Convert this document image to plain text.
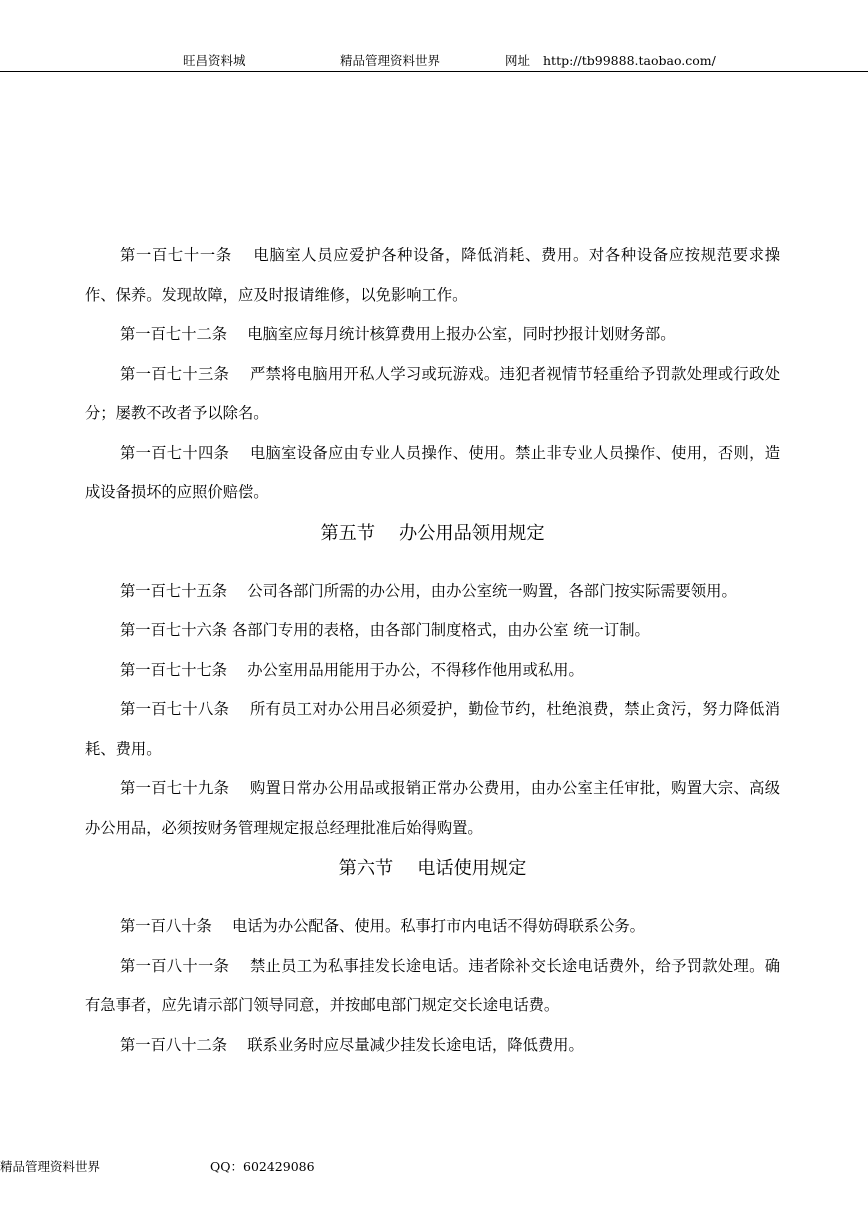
旺昌资料城	精品管理资料世界	网址 http://tb99888.taobao.com/

第一百七十一条　 电脑室人员应爱护各种设备，降低消耗、费用。对各种设备应按规范要求操作、保养。发现故障，应及时报请维修，以免影响工作。

第一百七十二条　 电脑室应每月统计核算费用上报办公室，同时抄报计划财务部。

第一百七十三条　 严禁将电脑用开私人学习或玩游戏。违犯者视情节轻重给予罚款处理或行政处分；屡教不改者予以除名。

第一百七十四条　 电脑室设备应由专业人员操作、使用。禁止非专业人员操作、使用，否则，造成设备损坏的应照价赔偿。

第五节　 办公用品领用规定

第一百七十五条　 公司各部门所需的办公用，由办公室统一购置，各部门按实际需要领用。

第一百七十六条 各部门专用的表格，由各部门制度格式，由办公室 统一订制。

第一百七十七条　 办公室用品用能用于办公，不得移作他用或私用。

第一百七十八条　 所有员工对办公用吕必须爱护，勤俭节约，杜绝浪费，禁止贪污，努力降低消耗、费用。

第一百七十九条　 购置日常办公用品或报销正常办公费用，由办公室主任审批，购置大宗、高级办公用品，必须按财务管理规定报总经理批准后始得购置。

第六节　 电话使用规定

第一百八十条　 电话为办公配备、使用。私事打市内电话不得妨碍联系公务。

第一百八十一条　 禁止员工为私事挂发长途电话。违者除补交长途电话费外，给予罚款处理。确有急事者，应先请示部门领导同意，并按邮电部门规定交长途电话费。

第一百八十二条　 联系业务时应尽量减少挂发长途电话，降低费用。

精品管理资料世界	QQ：602429086
